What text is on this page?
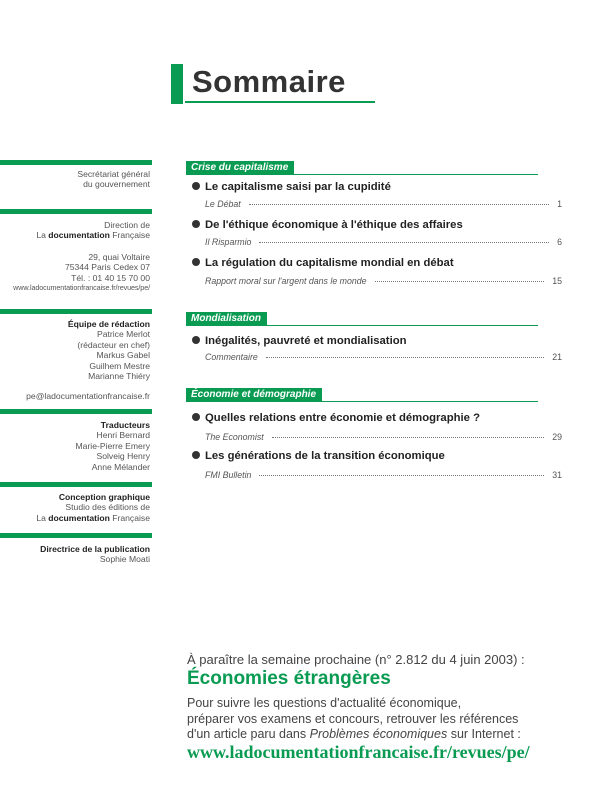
Sommaire
Secrétariat général
du gouvernement
Direction de
La documentation Française
29, quai Voltaire
75344 Paris Cedex 07
Tél. : 01 40 15 70 00
www.ladocumentationfrancaise.fr/revues/pe/
Équipe de rédaction
Patrice Merlot
(rédacteur en chef)
Markus Gabel
Guilhem Mestre
Marianne Thiéry
pe@ladocumentationfrancaise.fr
Traducteurs
Henri Bernard
Marie-Pierre Emery
Solveig Henry
Anne Mélander
Conception graphique
Studio des éditions de
La documentation Française
Directrice de la publication
Sophie Moati
Crise du capitalisme
Le capitalisme saisi par la cupidité
Le Débat	1
De l'éthique économique à l'éthique des affaires
Il Risparmio	6
La régulation du capitalisme mondial en débat
Rapport moral sur l'argent dans le monde	15
Mondialisation
Inégalités, pauvreté et mondialisation
Commentaire	21
Économie et démographie
Quelles relations entre économie et démographie ?
The Economist	29
Les générations de la transition économique
FMI Bulletin	31
À paraître la semaine prochaine (n° 2.812 du 4 juin 2003) :
Économies étrangères
Pour suivre les questions d'actualité économique,
préparer vos examens et concours, retrouver les références
d'un article paru dans Problèmes économiques sur Internet :
www.ladocumentationfrancaise.fr/revues/pe/
